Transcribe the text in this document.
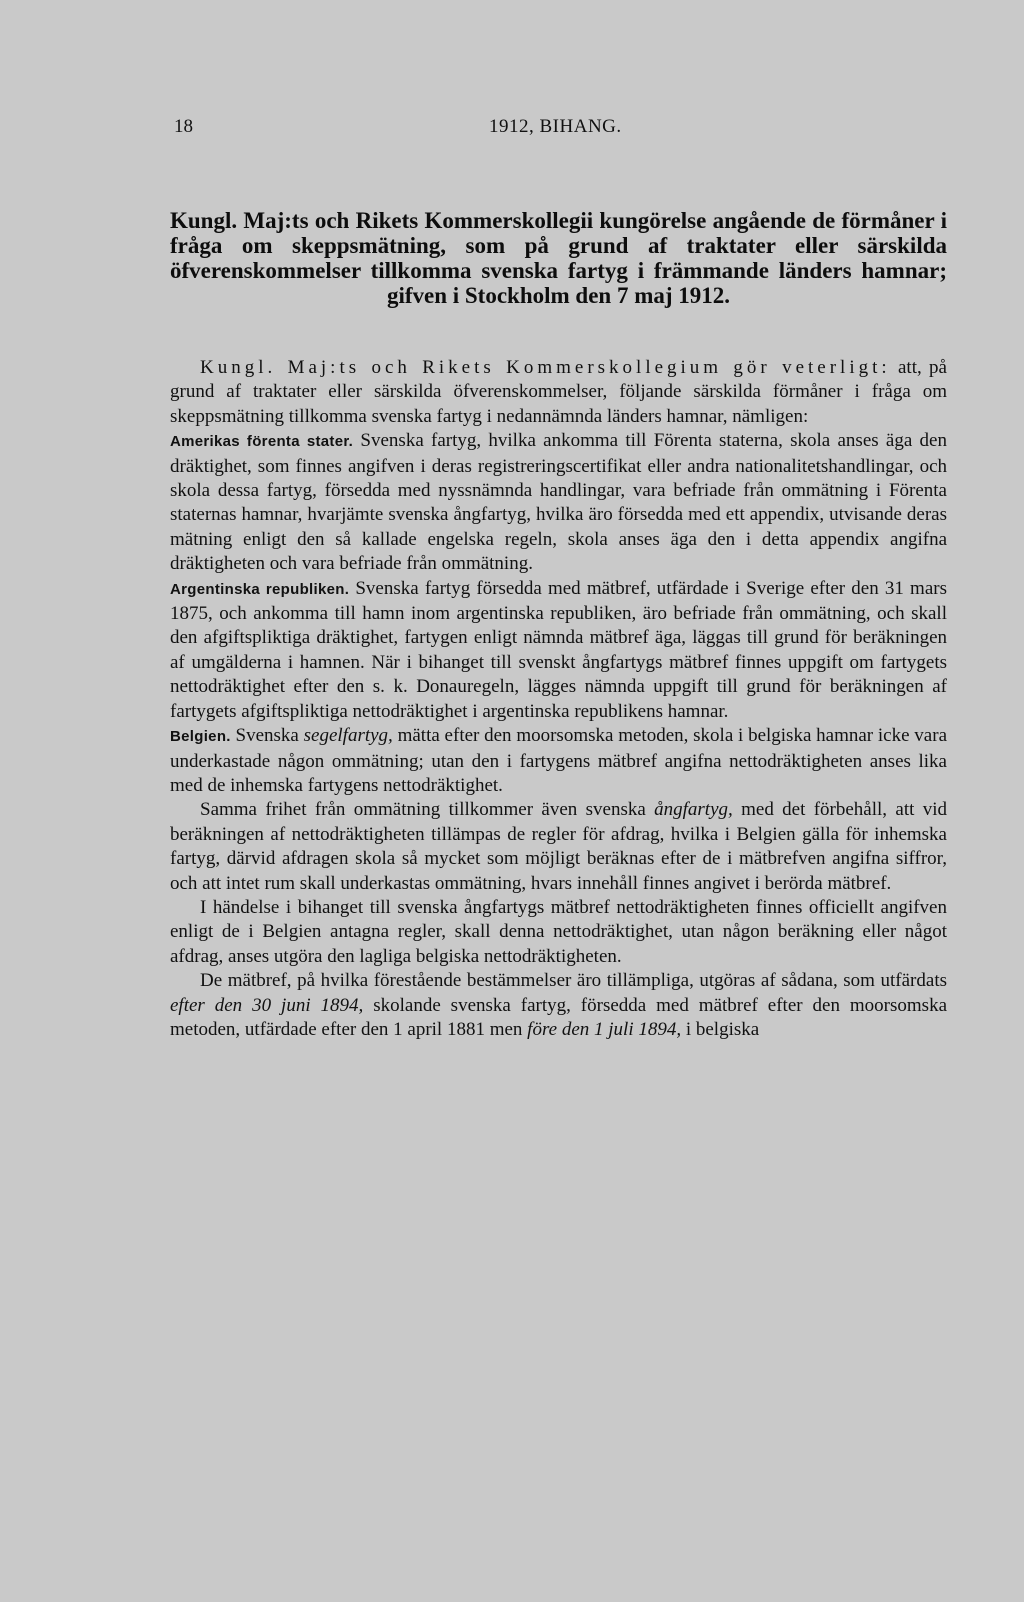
18	1912, BIHANG.
Kungl. Maj:ts och Rikets Kommerskollegii kungörelse angående de förmåner i fråga om skeppsmätning, som på grund af traktater eller särskilda öfverenskommelser tillkomma svenska fartyg i främmande länders hamnar; gifven i Stockholm den 7 maj 1912.

Kungl. Maj:ts och Rikets Kommerskollegium gör veterligt: att, på grund af traktater eller särskilda öfverenskommelser, följande särskilda förmåner i fråga om skeppsmätning tillkomma svenska fartyg i nedannämnda länders hamnar, nämligen:

Amerikas förenta stater. Svenska fartyg, hvilka ankomma till Förenta staterna, skola anses äga den dräktighet, som finnes angifven i deras registreringscertifikat eller andra nationalitetshandlingar, och skola dessa fartyg, försedda med nyssnämnda handlingar, vara befriade från ommätning i Förenta staternas hamnar, hvarjämte svenska ångfartyg, hvilka äro försedda med ett appendix, utvisande deras mätning enligt den så kallade engelska regeln, skola anses äga den i detta appendix angifna dräktigheten och vara befriade från ommätning.

Argentinska republiken. Svenska fartyg försedda med mätbref, utfärdade i Sverige efter den 31 mars 1875, och ankomma till hamn inom argentinska republiken, äro befriade från ommätning, och skall den afgiftspliktiga dräktighet, fartygen enligt nämnda mätbref äga, läggas till grund för beräkningen af umgälderna i hamnen. När i bihanget till svenskt ångfartygs mätbref finnes uppgift om fartygets nettodräktighet efter den s. k. Donauregeln, lägges nämnda uppgift till grund för beräkningen af fartygets afgiftspliktiga nettodräktighet i argentinska republikens hamnar.

Belgien. Svenska segelfartyg, mätta efter den moorsomska metoden, skola i belgiska hamnar icke vara underkastade någon ommätning; utan den i fartygens mätbref angifna nettodräktigheten anses lika med de inhemska fartygens nettodräktighet.

Samma frihet från ommätning tillkommer även svenska ångfartyg, med det förbehåll, att vid beräkningen af nettodräktigheten tillämpas de regler för afdrag, hvilka i Belgien gälla för inhemska fartyg, därvid afdragen skola så mycket som möjligt beräknas efter de i mätbrefven angifna siffror, och att intet rum skall underkastas ommätning, hvars innehåll finnes angivet i berörda mätbref.

I händelse i bihanget till svenska ångfartygs mätbref nettodräktigheten finnes officiellt angifven enligt de i Belgien antagna regler, skall denna nettodräktighet, utan någon beräkning eller något afdrag, anses utgöra den lagliga belgiska nettodräktigheten.

De mätbref, på hvilka förestående bestämmelser äro tillämpliga, utgöras af sådana, som utfärdats efter den 30 juni 1894, skolande svenska fartyg, försedda med mätbref efter den moorsomska metoden, utfärdade efter den 1 april 1881 men före den 1 juli 1894, i belgiska
